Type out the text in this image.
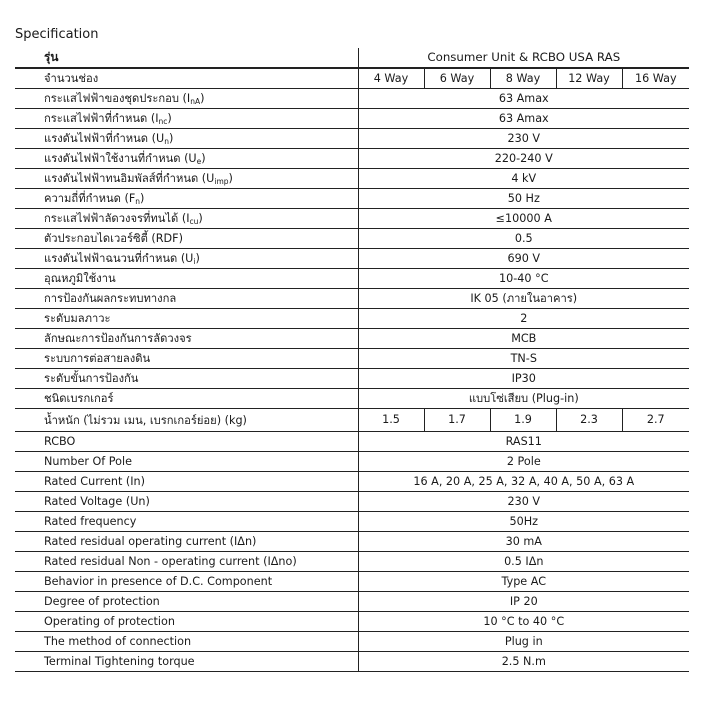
Specification
รุ่น	Consumer Unit & RCBO USA RAS				
จำนวนช่อง	4 Way	6 Way	8 Way	12 Way	16 Way
กระแสไฟฟ้าของชุดประกอบ $(I_{nA})$	63 Amax				
กระแสไฟฟ้าที่กำหนด $(I_{nc})$	63 Amax				
แรงดันไฟฟ้าที่กำหนด $(U_n)$	230 V				
แรงดันไฟฟ้าใช้งานที่กำหนด $(U_e)$	220-240 V				
แรงดันไฟฟ้าทนอิมพัลส์ที่กำหนด $(U_{imp})$	4 kV				
ความถี่ที่กำหนด $(F_n)$	50 Hz				
กระแสไฟฟ้าลัดวงจรที่ทนได้ $(I_{cu})$	≤10000 A				
ตัวประกอบไดเวอร์ซิตี้ (RDF)	0.5				
แรงดันไฟฟ้าฉนวนที่กำหนด $(U_i)$	690 V				
อุณหภูมิใช้งาน	10-40 °C				
การป้องกันผลกระทบทางกล	IK 05 (ภายในอาคาร)				
ระดับมลภาวะ	2				
ลักษณะการป้องกันการลัดวงจร	MCB				
ระบบการต่อสายลงดิน	TN-S				
ระดับขั้นการป้องกัน	IP30				
ชนิดเบรกเกอร์	แบบโซ่เสียบ (Plug-in)				
น้ำหนัก (ไม่รวม เมน, เบรกเกอร์ย่อย) (kg)	1.5	1.7	1.9	2.3	2.7
RCBO	RAS11				
Number Of Pole	2 Pole				
Rated Current (In)	16 A, 20 A, 25 A, 32 A, 40 A, 50 A, 63 A				
Rated Voltage (Un)	230 V				
Rated frequency	50Hz				
Rated residual operating current (IΔn)	30 mA				
Rated residual Non - operating current (IΔno)	0.5 IΔn				
Behavior in presence of D.C. Component	Type AC				
Degree of protection	IP 20				
Operating of protection	10 °C to 40 °C				
The method of connection	Plug in				
Terminal Tightening torque	2.5 N.m				
